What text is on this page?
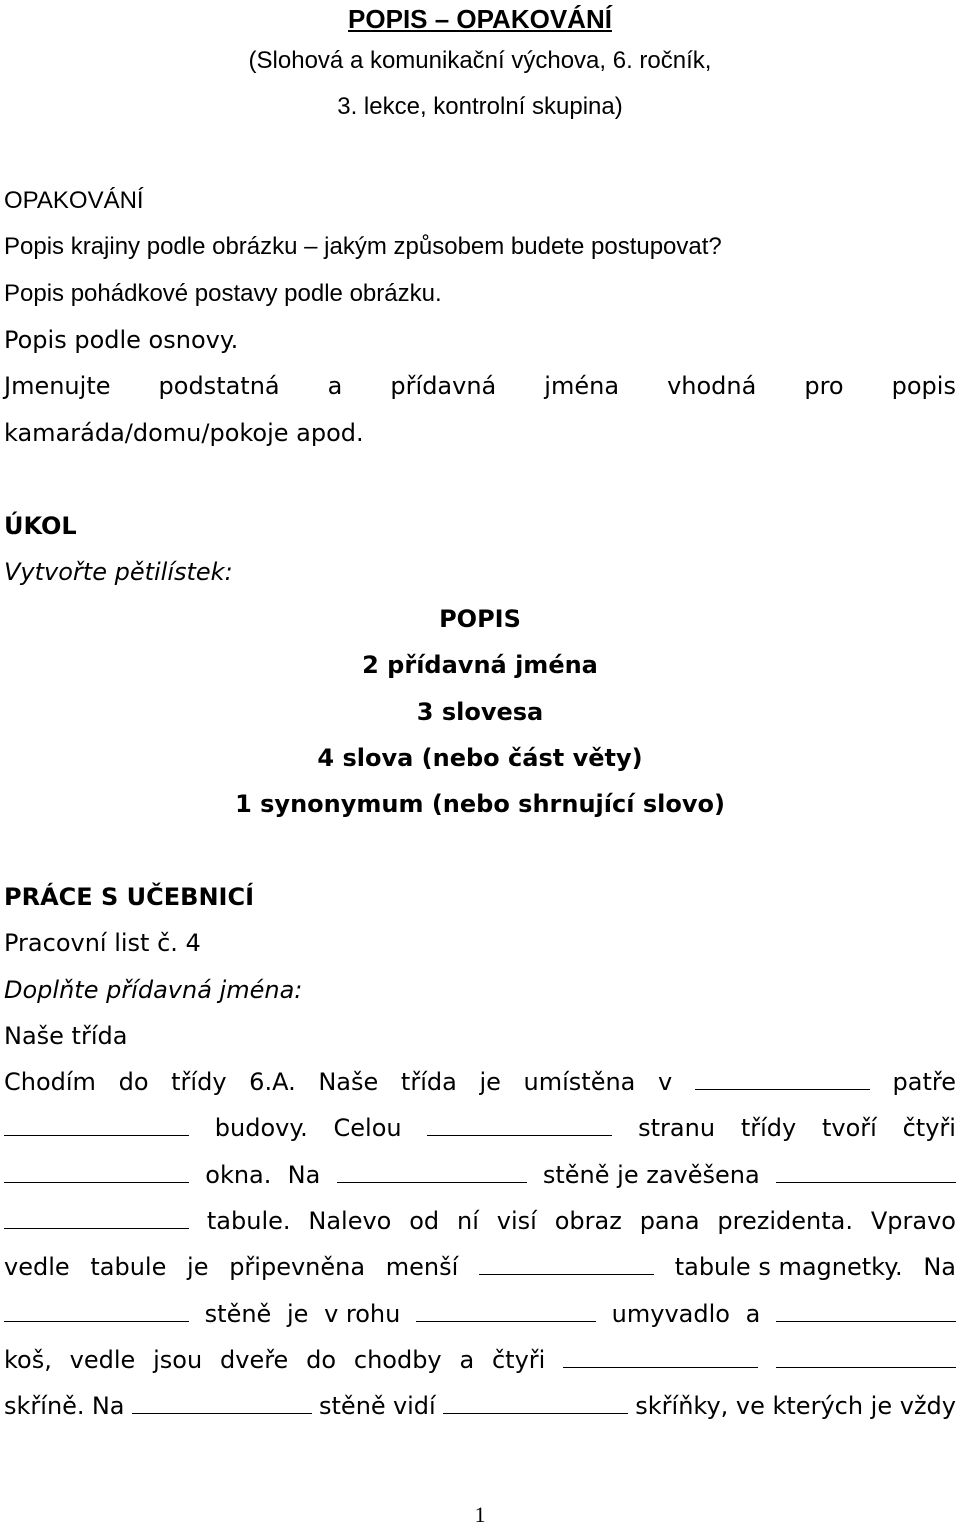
POPIS – OPAKOVÁNÍ
(Slohová a komunikační výchova, 6. ročník,
3. lekce, kontrolní skupina)
OPAKOVÁNÍ
Popis krajiny podle obrázku – jakým způsobem budete postupovat?
Popis pohádkové postavy podle obrázku.
Popis podle osnovy.
Jmenujte podstatná a přídavná jména vhodná pro popis
kamaráda/domu/pokoje apod.
ÚKOL
Vytvořte pětilístek:
POPIS
2 přídavná jména
3 slovesa
4 slova (nebo část věty)
1 synonymum (nebo shrnující slovo)
PRÁCE S UČEBNICÍ
Pracovní list č. 4
Doplňte přídavná jména:
Naše třída
Chodím do třídy 6.A. Naše třída je umístěna v	patře
budovy. Celou	stranu třídy tvoří čtyři
okna. Na	stěně je zavěšena
tabule. Nalevo od ní visí obraz pana prezidenta. Vpravo
vedle tabule je připevněna menší	tabule s magnetky. Na
stěně je v rohu	umyvadlo a
koš, vedle jsou dveře do chodby a čtyři
skříně. Na	stěně vidí	skříňky, ve kterých je vždy
1
